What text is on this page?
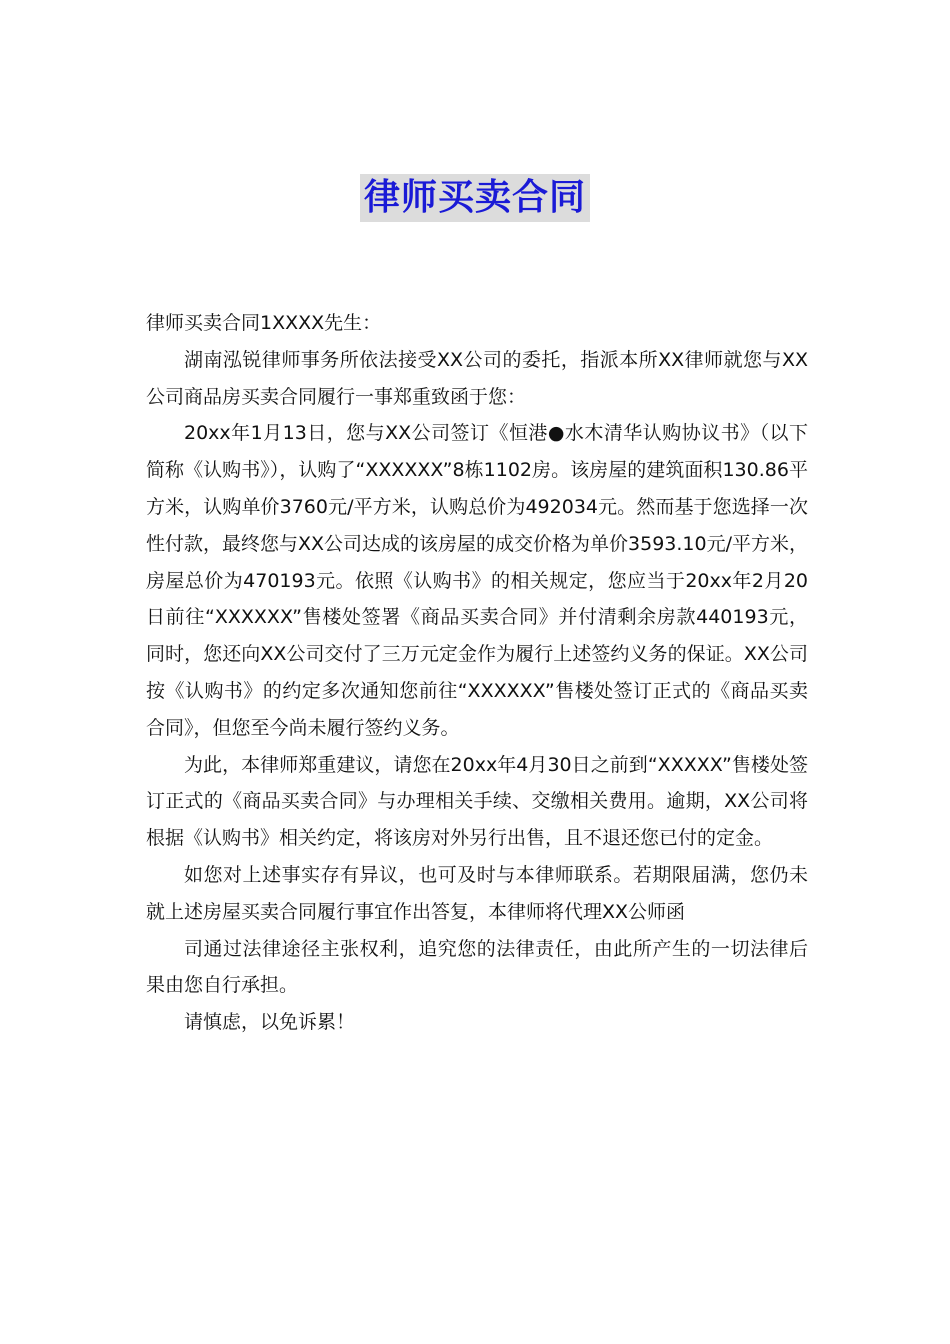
律师买卖合同

律师买卖合同1XXXX先生：

湖南泓锐律师事务所依法接受XX公司的委托，指派本所XX律师就您与XX公司商品房买卖合同履行一事郑重致函于您：

20xx年1月13日，您与XX公司签订《恒港●水木清华认购协议书》（以下简称《认购书》），认购了“XXXXXX”8栋1102房。该房屋的建筑面积130.86平方米，认购单价3760元/平方米，认购总价为492034元。然而基于您选择一次性付款，最终您与XX公司达成的该房屋的成交价格为单价3593.10元/平方米，房屋总价为470193元。依照《认购书》的相关规定，您应当于20xx年2月20日前往“XXXXXX”售楼处签署《商品买卖合同》并付清剩余房款440193元，同时，您还向XX公司交付了三万元定金作为履行上述签约义务的保证。XX公司按《认购书》的约定多次通知您前往“XXXXXX”售楼处签订正式的《商品买卖合同》，但您至今尚未履行签约义务。

为此，本律师郑重建议，请您在20xx年4月30日之前到“XXXXX”售楼处签订正式的《商品买卖合同》与办理相关手续、交缴相关费用。逾期，XX公司将根据《认购书》相关约定，将该房对外另行出售，且不退还您已付的定金。

如您对上述事实存有异议，也可及时与本律师联系。若期限届满，您仍未就上述房屋买卖合同履行事宜作出答复，本律师将代理XX公师函

司通过法律途径主张权利，追究您的法律责任，由此所产生的一切法律后果由您自行承担。

请慎虑，以免诉累！
